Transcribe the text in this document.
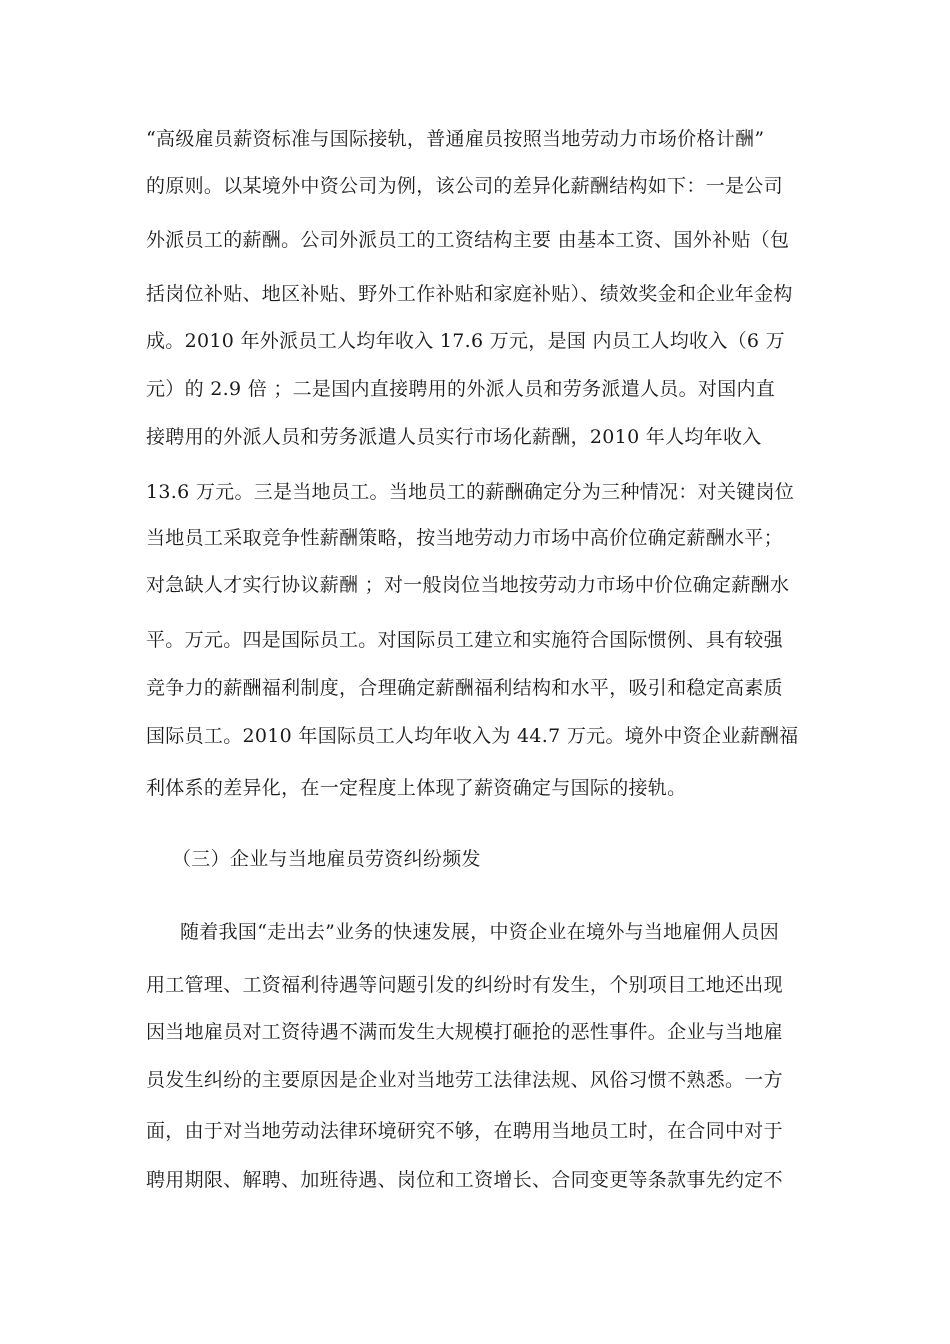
“高级雇员薪资标准与国际接轨，普通雇员按照当地劳动力市场价格计酬”
的原则。以某境外中资公司为例，该公司的差异化薪酬结构如下：一是公司
外派员工的薪酬。公司外派员工的工资结构主要 由基本工资、国外补贴（包
括岗位补贴、地区补贴、野外工作补贴和家庭补贴）、绩效奖金和企业年金构
成。2010 年外派员工人均年收入 17.6 万元，是国 内员工人均收入（6 万
元）的 2.9 倍 ；二是国内直接聘用的外派人员和劳务派遣人员。对国内直
接聘用的外派人员和劳务派遣人员实行市场化薪酬，2010 年人均年收入
13.6 万元。三是当地员工。当地员工的薪酬确定分为三种情况：对关键岗位
当地员工采取竞争性薪酬策略，按当地劳动力市场中高价位确定薪酬水平；
对急缺人才实行协议薪酬 ；对一般岗位当地按劳动力市场中价位确定薪酬水
平。万元。四是国际员工。对国际员工建立和实施符合国际惯例、具有较强
竞争力的薪酬福利制度，合理确定薪酬福利结构和水平，吸引和稳定高素质
国际员工。2010 年国际员工人均年收入为 44.7 万元。境外中资企业薪酬福
利体系的差异化，在一定程度上体现了薪资确定与国际的接轨。
（三）企业与当地雇员劳资纠纷频发
随着我国“走出去”业务的快速发展，中资企业在境外与当地雇佣人员因
用工管理、工资福利待遇等问题引发的纠纷时有发生，个别项目工地还出现
因当地雇员对工资待遇不满而发生大规模打砸抢的恶性事件。企业与当地雇
员发生纠纷的主要原因是企业对当地劳工法律法规、风俗习惯不熟悉。一方
面，由于对当地劳动法律环境研究不够，在聘用当地员工时，在合同中对于
聘用期限、解聘、加班待遇、岗位和工资增长、合同变更等条款事先约定不
